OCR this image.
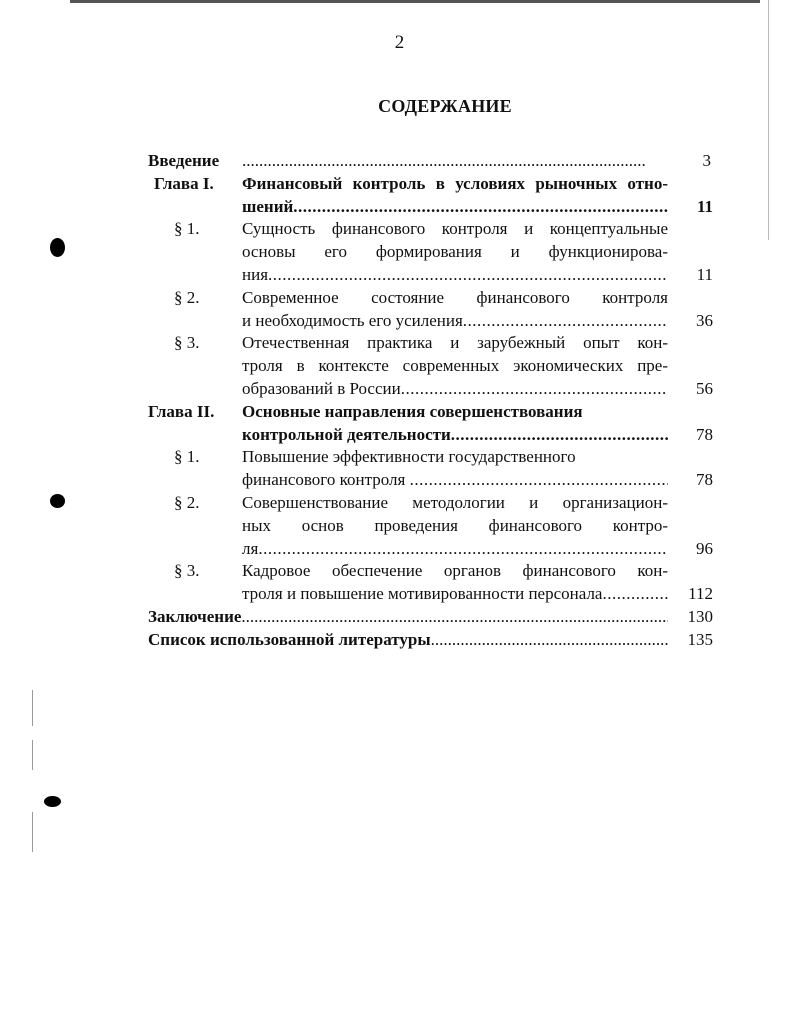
2
СОДЕРЖАНИЕ
Введение .....	3
Глава I.	Финансовый контроль в условиях рыночных отно-
шений .....	11
§ 1.	Сущность финансового контроля и концептуальные
основы его формирования и функционирова-
ния .....	11
§ 2.	Современное состояние финансового контроля
и необходимость его усиления .....	36
§ 3.	Отечественная практика и зарубежный опыт кон-
троля в контексте современных экономических пре-
образований в России .....	56
Глава II.	Основные направления совершенствования
контрольной деятельности .....	78
§ 1.	Повышение эффективности государственного
финансового контроля .....	78
§ 2.	Совершенствование методологии и организацион-
ных основ проведения финансового контро-
ля .....	96
§ 3.	Кадровое обеспечение органов финансового кон-
троля и повышение мотивированности персонала .....	112
Заключение .....	130
Список использованной литературы .....	135
